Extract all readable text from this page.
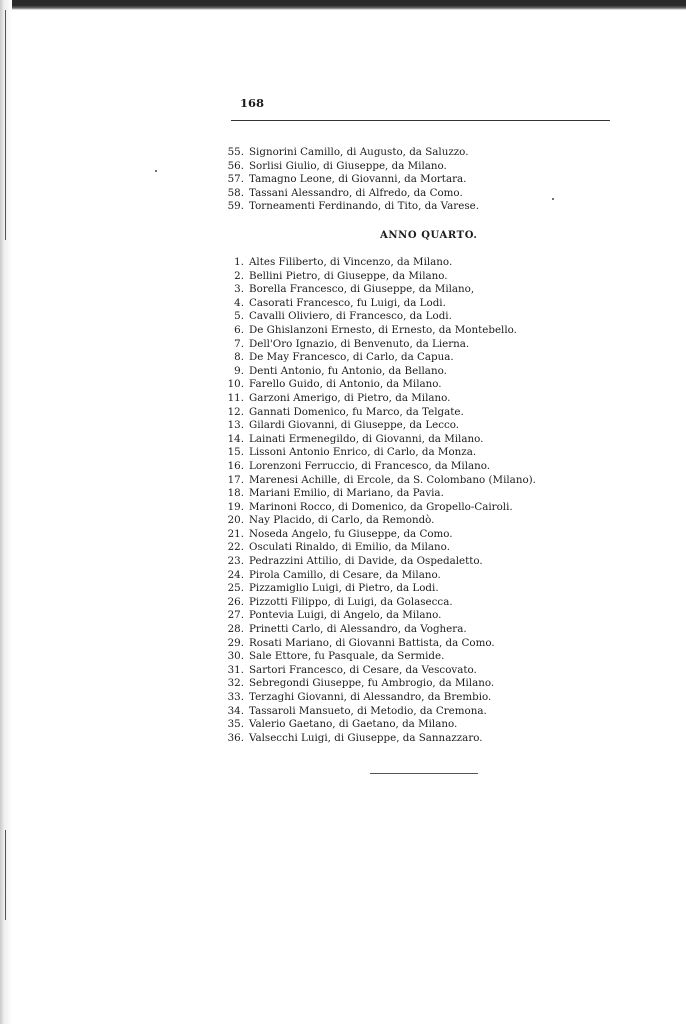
168
55. Signorini Camillo, di Augusto, da Saluzzo.
56. Sorlisi Giulio, di Giuseppe, da Milano.
57. Tamagno Leone, di Giovanni, da Mortara.
58. Tassani Alessandro, di Alfredo, da Como.
59. Torneamenti Ferdinando, di Tito, da Varese.
ANNO QUARTO.
1. Altes Filiberto, di Vincenzo, da Milano.
2. Bellini Pietro, di Giuseppe, da Milano.
3. Borella Francesco, di Giuseppe, da Milano,
4. Casorati Francesco, fu Luigi, da Lodi.
5. Cavalli Oliviero, di Francesco, da Lodi.
6. De Ghislanzoni Ernesto, di Ernesto, da Montebello.
7. Dell'Oro Ignazio, di Benvenuto, da Lierna.
8. De May Francesco, di Carlo, da Capua.
9. Denti Antonio, fu Antonio, da Bellano.
10. Farello Guido, di Antonio, da Milano.
11. Garzoni Amerigo, di Pietro, da Milano.
12. Gannati Domenico, fu Marco, da Telgate.
13. Gilardi Giovanni, di Giuseppe, da Lecco.
14. Lainati Ermenegildo, di Giovanni, da Milano.
15. Lissoni Antonio Enrico, di Carlo, da Monza.
16. Lorenzoni Ferruccio, di Francesco, da Milano.
17. Marenesi Achille, di Ercole, da S. Colombano (Milano).
18. Mariani Emilio, di Mariano, da Pavia.
19. Marinoni Rocco, di Domenico, da Gropello-Cairoli.
20. Nay Placido, di Carlo, da Remondò.
21. Noseda Angelo, fu Giuseppe, da Como.
22. Osculati Rinaldo, di Emilio, da Milano.
23. Pedrazzini Attilio, di Davide, da Ospedaletto.
24. Pirola Camillo, di Cesare, da Milano.
25. Pizzamiglio Luigi, di Pietro, da Lodi.
26. Pizzotti Filippo, di Luigi, da Golasecca.
27. Pontevia Luigi, di Angelo, da Milano.
28. Prinetti Carlo, di Alessandro, da Voghera.
29. Rosati Mariano, di Giovanni Battista, da Como.
30. Sale Ettore, fu Pasquale, da Sermide.
31. Sartori Francesco, di Cesare, da Vescovato.
32. Sebregondi Giuseppe, fu Ambrogio, da Milano.
33. Terzaghi Giovanni, di Alessandro, da Brembio.
34. Tassaroli Mansueto, di Metodio, da Cremona.
35. Valerio Gaetano, di Gaetano, da Milano.
36. Valsecchi Luigi, di Giuseppe, da Sannazzaro.
